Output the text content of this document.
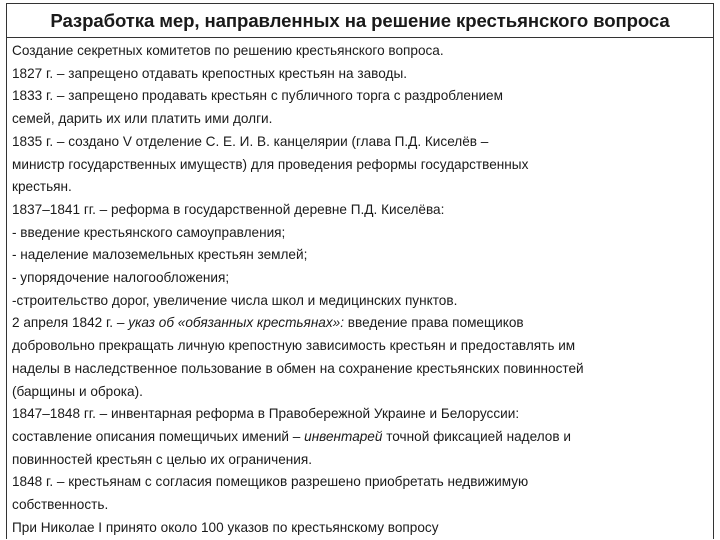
Разработка мер, направленных на решение крестьянского вопроса
Создание секретных комитетов по решению крестьянского вопроса.
1827 г. – запрещено отдавать крепостных крестьян на заводы.
1833 г. – запрещено продавать крестьян с публичного торга с раздроблением
семей, дарить их или платить ими долги.
1835 г. – создано V отделение С. Е. И. В. канцелярии (глава П.Д. Киселёв –
министр государственных имуществ) для проведения реформы государственных
крестьян.
1837–1841 гг. – реформа в государственной деревне П.Д. Киселёва:
- введение крестьянского самоуправления;
- наделение малоземельных крестьян землей;
- упорядочение налогообложения;
-строительство дорог, увеличение числа школ и медицинских пунктов.
2 апреля 1842 г. – указ об «обязанных крестьянах»: введение права помещиков
добровольно прекращать личную крепостную зависимость крестьян и предоставлять им
наделы в наследственное пользование в обмен на сохранение крестьянских повинностей
(барщины и оброка).
1847–1848 гг. – инвентарная реформа в Правобережной Украине и Белоруссии:
составление описания помещичьих имений – инвентарей точной фиксацией наделов и
повинностей крестьян с целью их ограничения.
1848 г. – крестьянам с согласия помещиков разрешено приобретать недвижимую
собственность.
При Николае I принято около 100 указов по крестьянскому вопросу
